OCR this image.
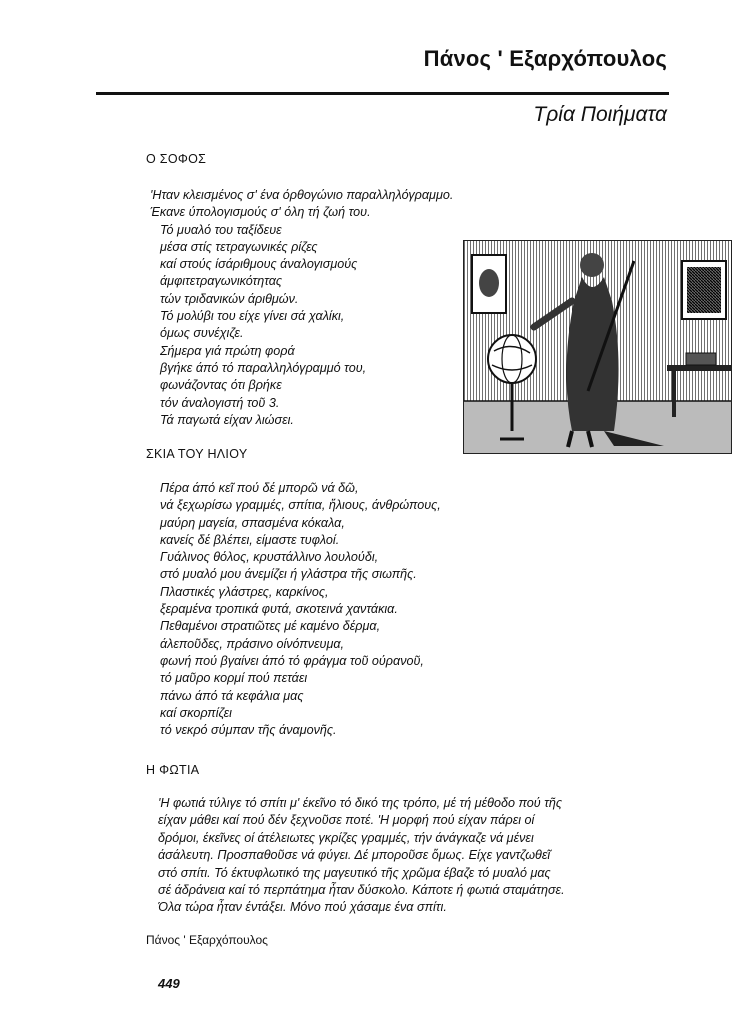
Πάνος ' Εξαρχόπουλος
Τρία Ποιήματα
Ο ΣΟΦΟΣ
'Ηταν κλεισμένος σ' ένα όρθογώνιο παραλληλόγραμμο.
Έκανε ύπολογισμούς σ' όλη τή ζωή του.
Τό μυαλό του ταξίδευε
μέσα στίς τετραγωνικές ρίζες
καί στούς ίσάριθμους άναλογισμούς
άμφιτετραγωνικότητας
τών τριδανικών άριθμών.
Τό μολύβι του είχε γίνει σά χαλίκι,
όμως συνέχιζε.
Σήμερα γιά πρώτη φορά
βγήκε άπό τό παραλληλόγραμμό του,
φωνάζοντας ότι βρήκε
τόν άναλογιστή τοῦ 3.
Τά παγωτά είχαν λιώσει.
ΣΚΙΑ ΤΟΥ ΗΛΙΟΥ
Πέρα άπό κεῖ πού δέ μπορῶ νά δῶ,
νά ξεχωρίσω γραμμές, σπίτια, ἥλιους, άνθρώπους,
μαύρη μαγεία, σπασμένα κόκαλα,
κανείς δέ βλέπει, είμαστε τυφλοί.
Γυάλινος θόλος, κρυστάλλινο λουλούδι,
στό μυαλό μου άνεμίζει ή γλάστρα τῆς σιωπῆς.
Πλαστικές γλάστρες, καρκίνος,
ξεραμένα τροπικά φυτά, σκοτεινά χαντάκια.
Πεθαμένοι στρατιῶτες μέ καμένο δέρμα,
άλεποῦδες, πράσινο οίνόπνευμα,
φωνή πού βγαίνει άπό τό φράγμα τοῦ ούρανοῦ,
τό μαῦρο κορμί πού πετάει
πάνω άπό τά κεφάλια μας
καί σκορπίζει
τό νεκρό σύμπαν τῆς άναμονῆς.
Η ΦΩΤΙΑ
'Η φωτιά τύλιγε τό σπίτι μ' έκεῖνο τό δικό της τρόπο, μέ τή μέθοδο πού τῆς
είχαν μάθει καί πού δέν ξεχνοῦσε ποτέ. 'Η μορφή πού είχαν πάρει οί
δρόμοι, έκεῖνες οί άτέλειωτες γκρίζες γραμμές, τήν άνάγκαζε νά μένει
άσάλευτη. Προσπαθοῦσε νά φύγει. Δέ μποροῦσε ὅμως. Είχε γαντζωθεῖ
στό σπίτι. Τό έκτυφλωτικό της μαγευτικό τῆς χρῶμα έβαζε τό μυαλό μας
σέ άδράνεια καί τό περπάτημα ἦταν δύσκολο. Κάποτε ή φωτιά σταμάτησε.
Όλα τώρα ἦταν έντάξει. Μόνο πού χάσαμε ένα σπίτι.
Πάνος ' Εξαρχόπουλος
449
